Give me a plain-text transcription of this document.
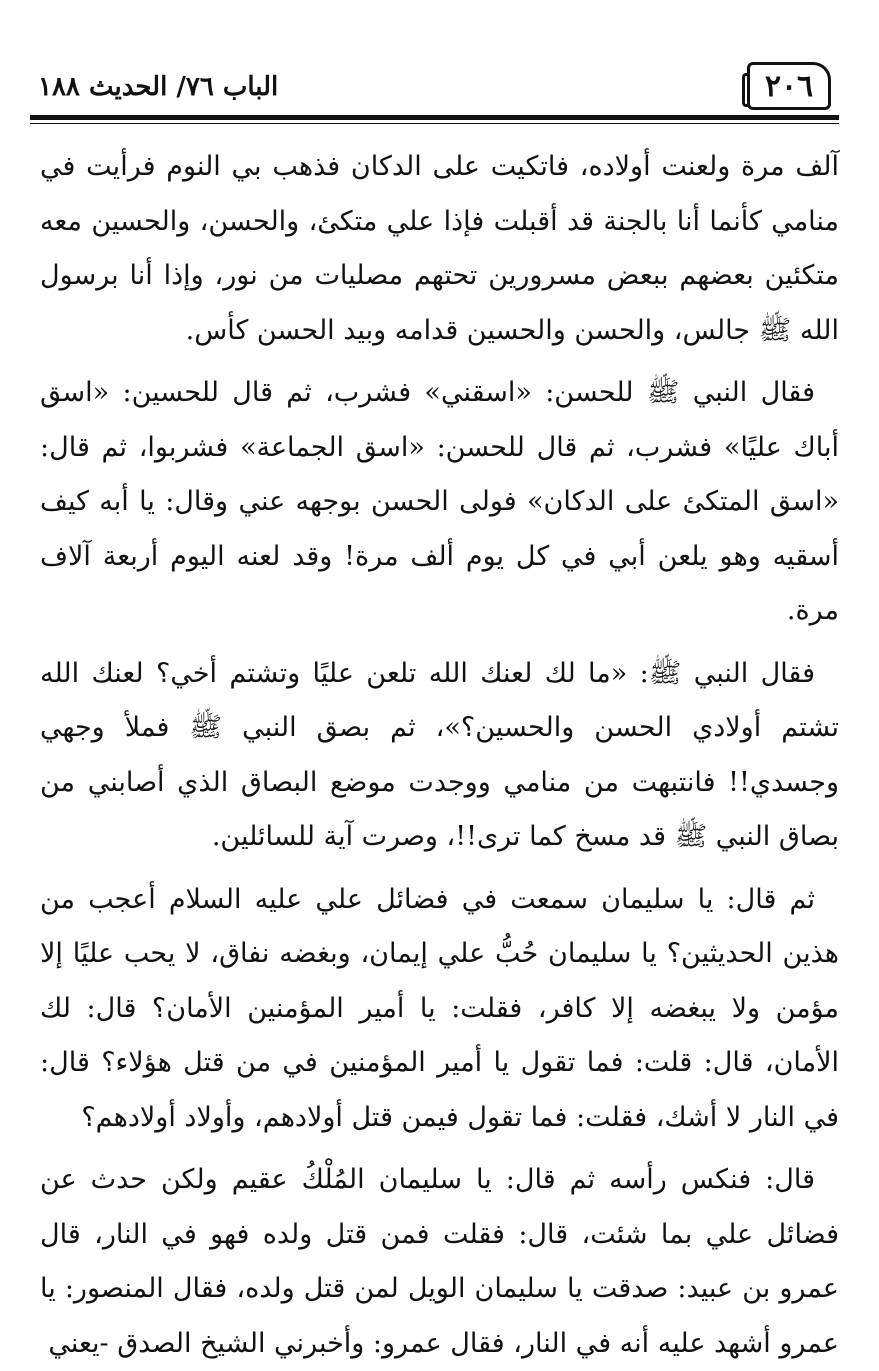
٢٠٦
الباب ٧٦/ الحديث ١٨٨

آلف مرة ولعنت أولاده، فاتكيت على الدكان فذهب بي النوم فرأيت في منامي كأنما أنا بالجنة قد أقبلت فإذا علي متكئ، والحسن، والحسين معه متكئين بعضهم ببعض مسرورين تحتهم مصليات من نور، وإذا أنا برسول الله ﷺ جالس، والحسن والحسين قدامه وبيد الحسن كأس.

فقال النبي ﷺ للحسن: «اسقني» فشرب، ثم قال للحسين: «اسق أباك عليًا» فشرب، ثم قال للحسن: «اسق الجماعة» فشربوا، ثم قال: «اسق المتكئ على الدكان» فولى الحسن بوجهه عني وقال: يا أبه كيف أسقيه وهو يلعن أبي في كل يوم ألف مرة! وقد لعنه اليوم أربعة آلاف مرة.

فقال النبي ﷺ: «ما لك لعنك الله تلعن عليًا وتشتم أخي؟ لعنك الله تشتم أولادي الحسن والحسين؟»، ثم بصق النبي ﷺ فملأ وجهي وجسدي!! فانتبهت من منامي ووجدت موضع البصاق الذي أصابني من بصاق النبي ﷺ قد مسخ كما ترى!!، وصرت آية للسائلين.

ثم قال: يا سليمان سمعت في فضائل علي عليه السلام أعجب من هذين الحديثين؟ يا سليمان حُبُّ علي إيمان، وبغضه نفاق، لا يحب عليًا إلا مؤمن ولا يبغضه إلا كافر، فقلت: يا أمير المؤمنين الأمان؟ قال: لك الأمان، قال: قلت: فما تقول يا أمير المؤمنين في من قتل هؤلاء؟ قال: في النار لا أشك، فقلت: فما تقول فيمن قتل أولادهم، وأولاد أولادهم؟

قال: فنكس رأسه ثم قال: يا سليمان المُلْكُ عقيم ولكن حدث عن فضائل علي بما شئت، قال: فقلت فمن قتل ولده فهو في النار، قال عمرو بن عبيد: صدقت يا سليمان الويل لمن قتل ولده، فقال المنصور: يا عمرو أشهد عليه أنه في النار، فقال عمرو: وأخبرني الشيخ الصدق -يعني
